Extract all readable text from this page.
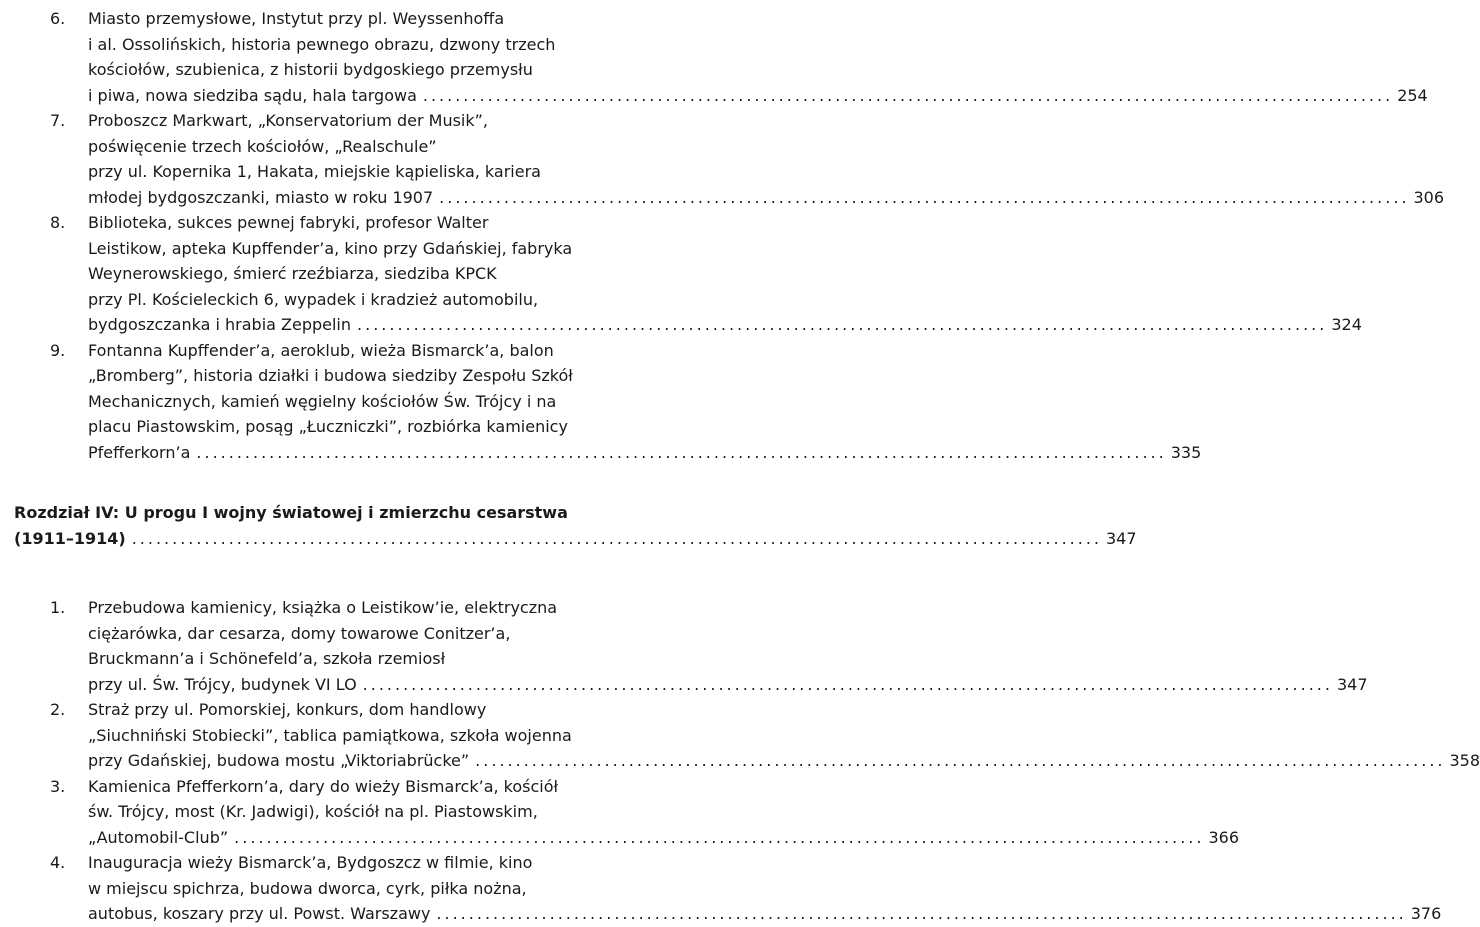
6. Miasto przemysłowe, Instytut przy pl. Weyssenhoffa
i al. Ossolińskich, historia pewnego obrazu, dzwony trzech
kościołów, szubienica, z historii bydgoskiego przemysłu
i piwa, nowa siedziba sądu, hala targowa ........................................................................................................................ 254
7. Proboszcz Markwart, „Konservatorium der Musik”,
poświęcenie trzech kościołów, „Realschule”
przy ul. Kopernika 1, Hakata, miejskie kąpieliska, kariera
młodej bydgoszczanki, miasto w roku 1907 ........................................................................................................................ 306
8. Biblioteka, sukces pewnej fabryki, profesor Walter
Leistikow, apteka Kupffender’a, kino przy Gdańskiej, fabryka
Weynerowskiego, śmierć rzeźbiarza, siedziba KPCK
przy Pl. Kościeleckich 6, wypadek i kradzież automobilu,
bydgoszczanka i hrabia Zeppelin ........................................................................................................................ 324
9. Fontanna Kupffender’a, aeroklub, wieża Bismarck’a, balon
„Bromberg”, historia działki i budowa siedziby Zespołu Szkół
Mechanicznych, kamień węgielny kościołów Św. Trójcy i na
placu Piastowskim, posąg „Łuczniczki”, rozbiórka kamienicy
Pfefferkorn’a ........................................................................................................................ 335
Rozdział IV: U progu I wojny światowej i zmierzchu cesarstwa
(1911–1914) ........................................................................................................................ 347
1. Przebudowa kamienicy, książka o Leistikow’ie, elektryczna
ciężarówka, dar cesarza, domy towarowe Conitzer’a,
Bruckmann’a i Schönefeld’a, szkoła rzemiosł
przy ul. Św. Trójcy, budynek VI LO ........................................................................................................................ 347
2. Straż przy ul. Pomorskiej, konkurs, dom handlowy
„Siuchniński Stobiecki”, tablica pamiątkowa, szkoła wojenna
przy Gdańskiej, budowa mostu „Viktoriabrücke” ........................................................................................................................ 358
3. Kamienica Pfefferkorn’a, dary do wieży Bismarck’a, kościół
św. Trójcy, most (Kr. Jadwigi), kościół na pl. Piastowskim,
„Automobil-Club” ........................................................................................................................ 366
4. Inauguracja wieży Bismarck’a, Bydgoszcz w filmie, kino
w miejscu spichrza, budowa dworca, cyrk, piłka nożna,
autobus, koszary przy ul. Powst. Warszawy ........................................................................................................................ 376
